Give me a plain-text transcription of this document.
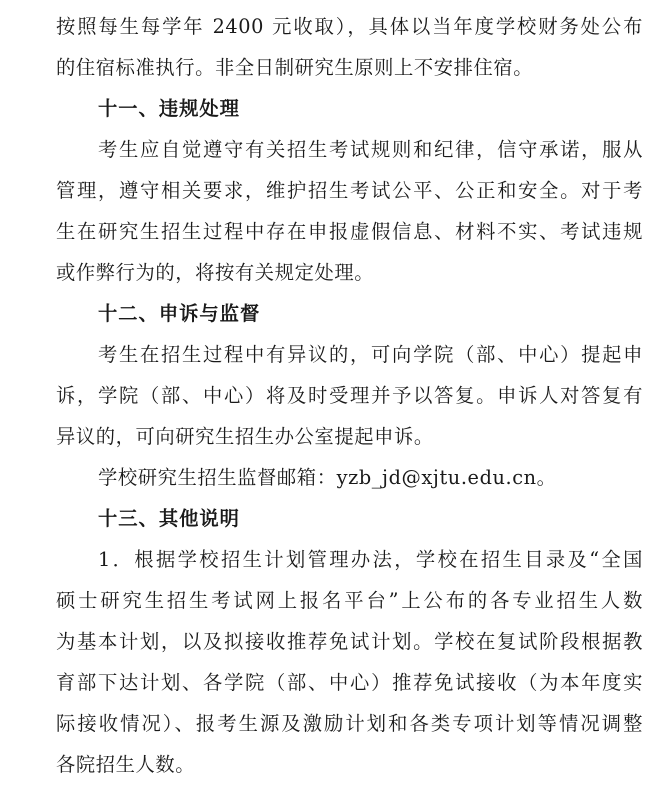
按照每生每学年 2400 元收取），具体以当年度学校财务处公布
的住宿标准执行。非全日制研究生原则上不安排住宿。
十一、违规处理
考生应自觉遵守有关招生考试规则和纪律，信守承诺，服从
管理，遵守相关要求，维护招生考试公平、公正和安全。对于考
生在研究生招生过程中存在申报虚假信息、材料不实、考试违规
或作弊行为的，将按有关规定处理。
十二、申诉与监督
考生在招生过程中有异议的，可向学院（部、中心）提起申
诉，学院（部、中心）将及时受理并予以答复。申诉人对答复有
异议的，可向研究生招生办公室提起申诉。
学校研究生招生监督邮箱：yzb_jd@xjtu.edu.cn。
十三、其他说明
1．根据学校招生计划管理办法，学校在招生目录及“全国
硕士研究生招生考试网上报名平台”上公布的各专业招生人数
为基本计划，以及拟接收推荐免试计划。学校在复试阶段根据教
育部下达计划、各学院（部、中心）推荐免试接收（为本年度实
际接收情况）、报考生源及激励计划和各类专项计划等情况调整
各院招生人数。
